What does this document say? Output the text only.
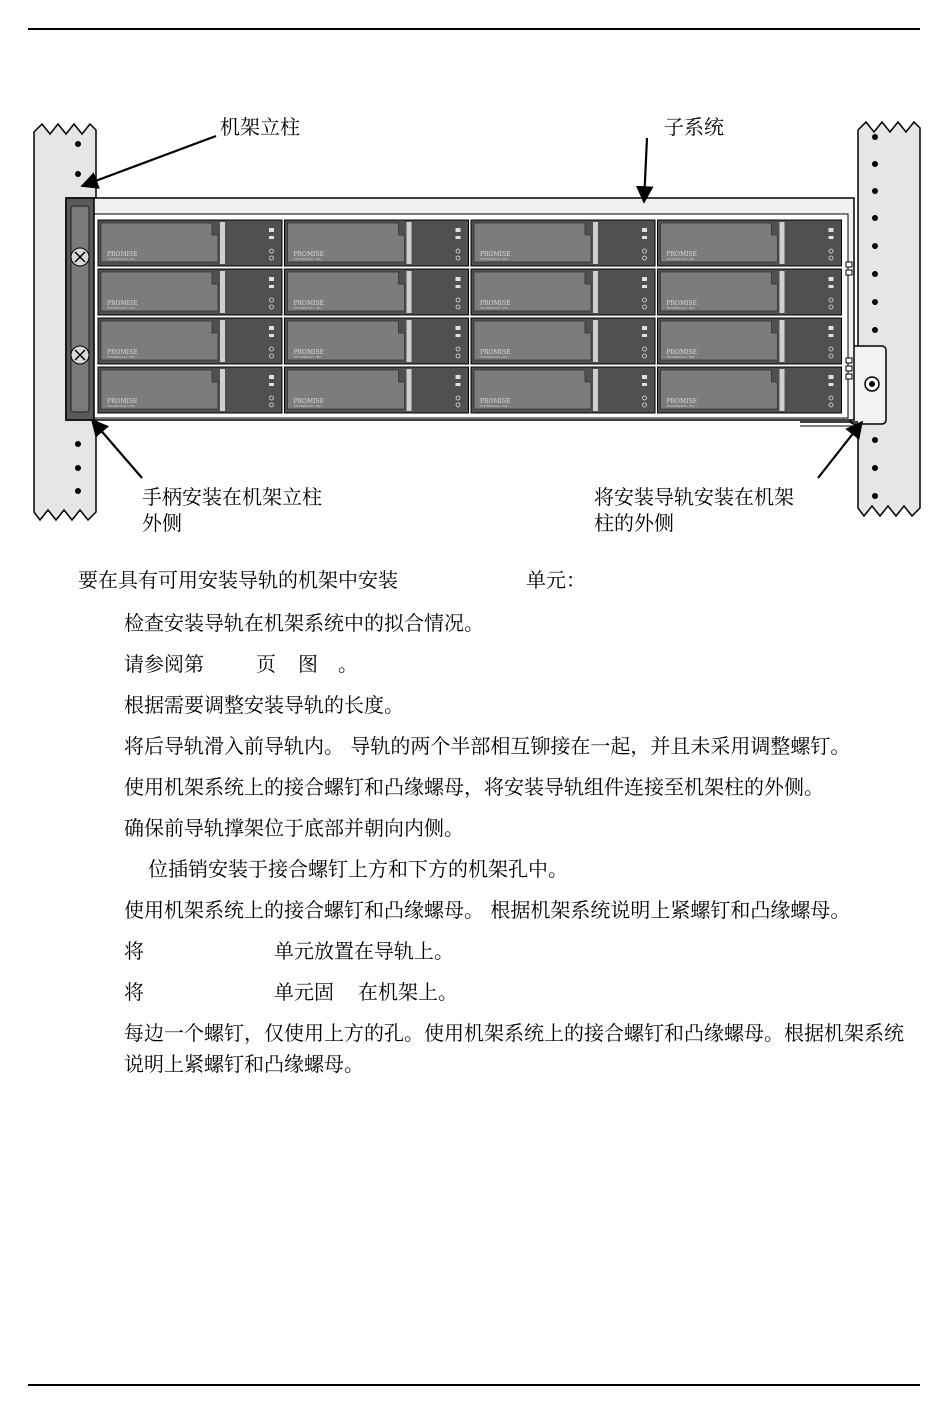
PROMISE
TECHNOLOGY, INC.
PROMISE
TECHNOLOGY, INC.
PROMISE
TECHNOLOGY, INC.
PROMISE
TECHNOLOGY, INC.
PROMISE
TECHNOLOGY, INC.
PROMISE
TECHNOLOGY, INC.
PROMISE
TECHNOLOGY, INC.
PROMISE
TECHNOLOGY, INC.
PROMISE
TECHNOLOGY, INC.
PROMISE
TECHNOLOGY, INC.
PROMISE
TECHNOLOGY, INC.
PROMISE
TECHNOLOGY, INC.
PROMISE
TECHNOLOGY, INC.
PROMISE
TECHNOLOGY, INC.
PROMISE
TECHNOLOGY, INC.
PROMISE
TECHNOLOGY, INC.
机架立柱	子系统
手柄安装在机架立柱
外侧
将安装导轨安装在机架
柱的外侧
要在具有可用安装导轨的机架中安装	单元：
检查安装导轨在机架系统中的拟合情况。
请参阅第	页 图 。
根据需要调整安装导轨的长度。
将后导轨滑入前导轨内。 导轨的两个半部相互铆接在一起，并且未采用调整螺钉。
使用机架系统上的接合螺钉和凸缘螺母，将安装导轨组件连接至机架柱的外侧。
确保前导轨撑架位于底部并朝向内侧。
位插销安装于接合螺钉上方和下方的机架孔中。
使用机架系统上的接合螺钉和凸缘螺母。 根据机架系统说明上紧螺钉和凸缘螺母。
将	单元放置在导轨上。
将	单元固 在机架上。
每边一个螺钉，仅使用上方的孔。使用机架系统上的接合螺钉和凸缘螺母。根据机架系统说明上紧螺钉和凸缘螺母。
